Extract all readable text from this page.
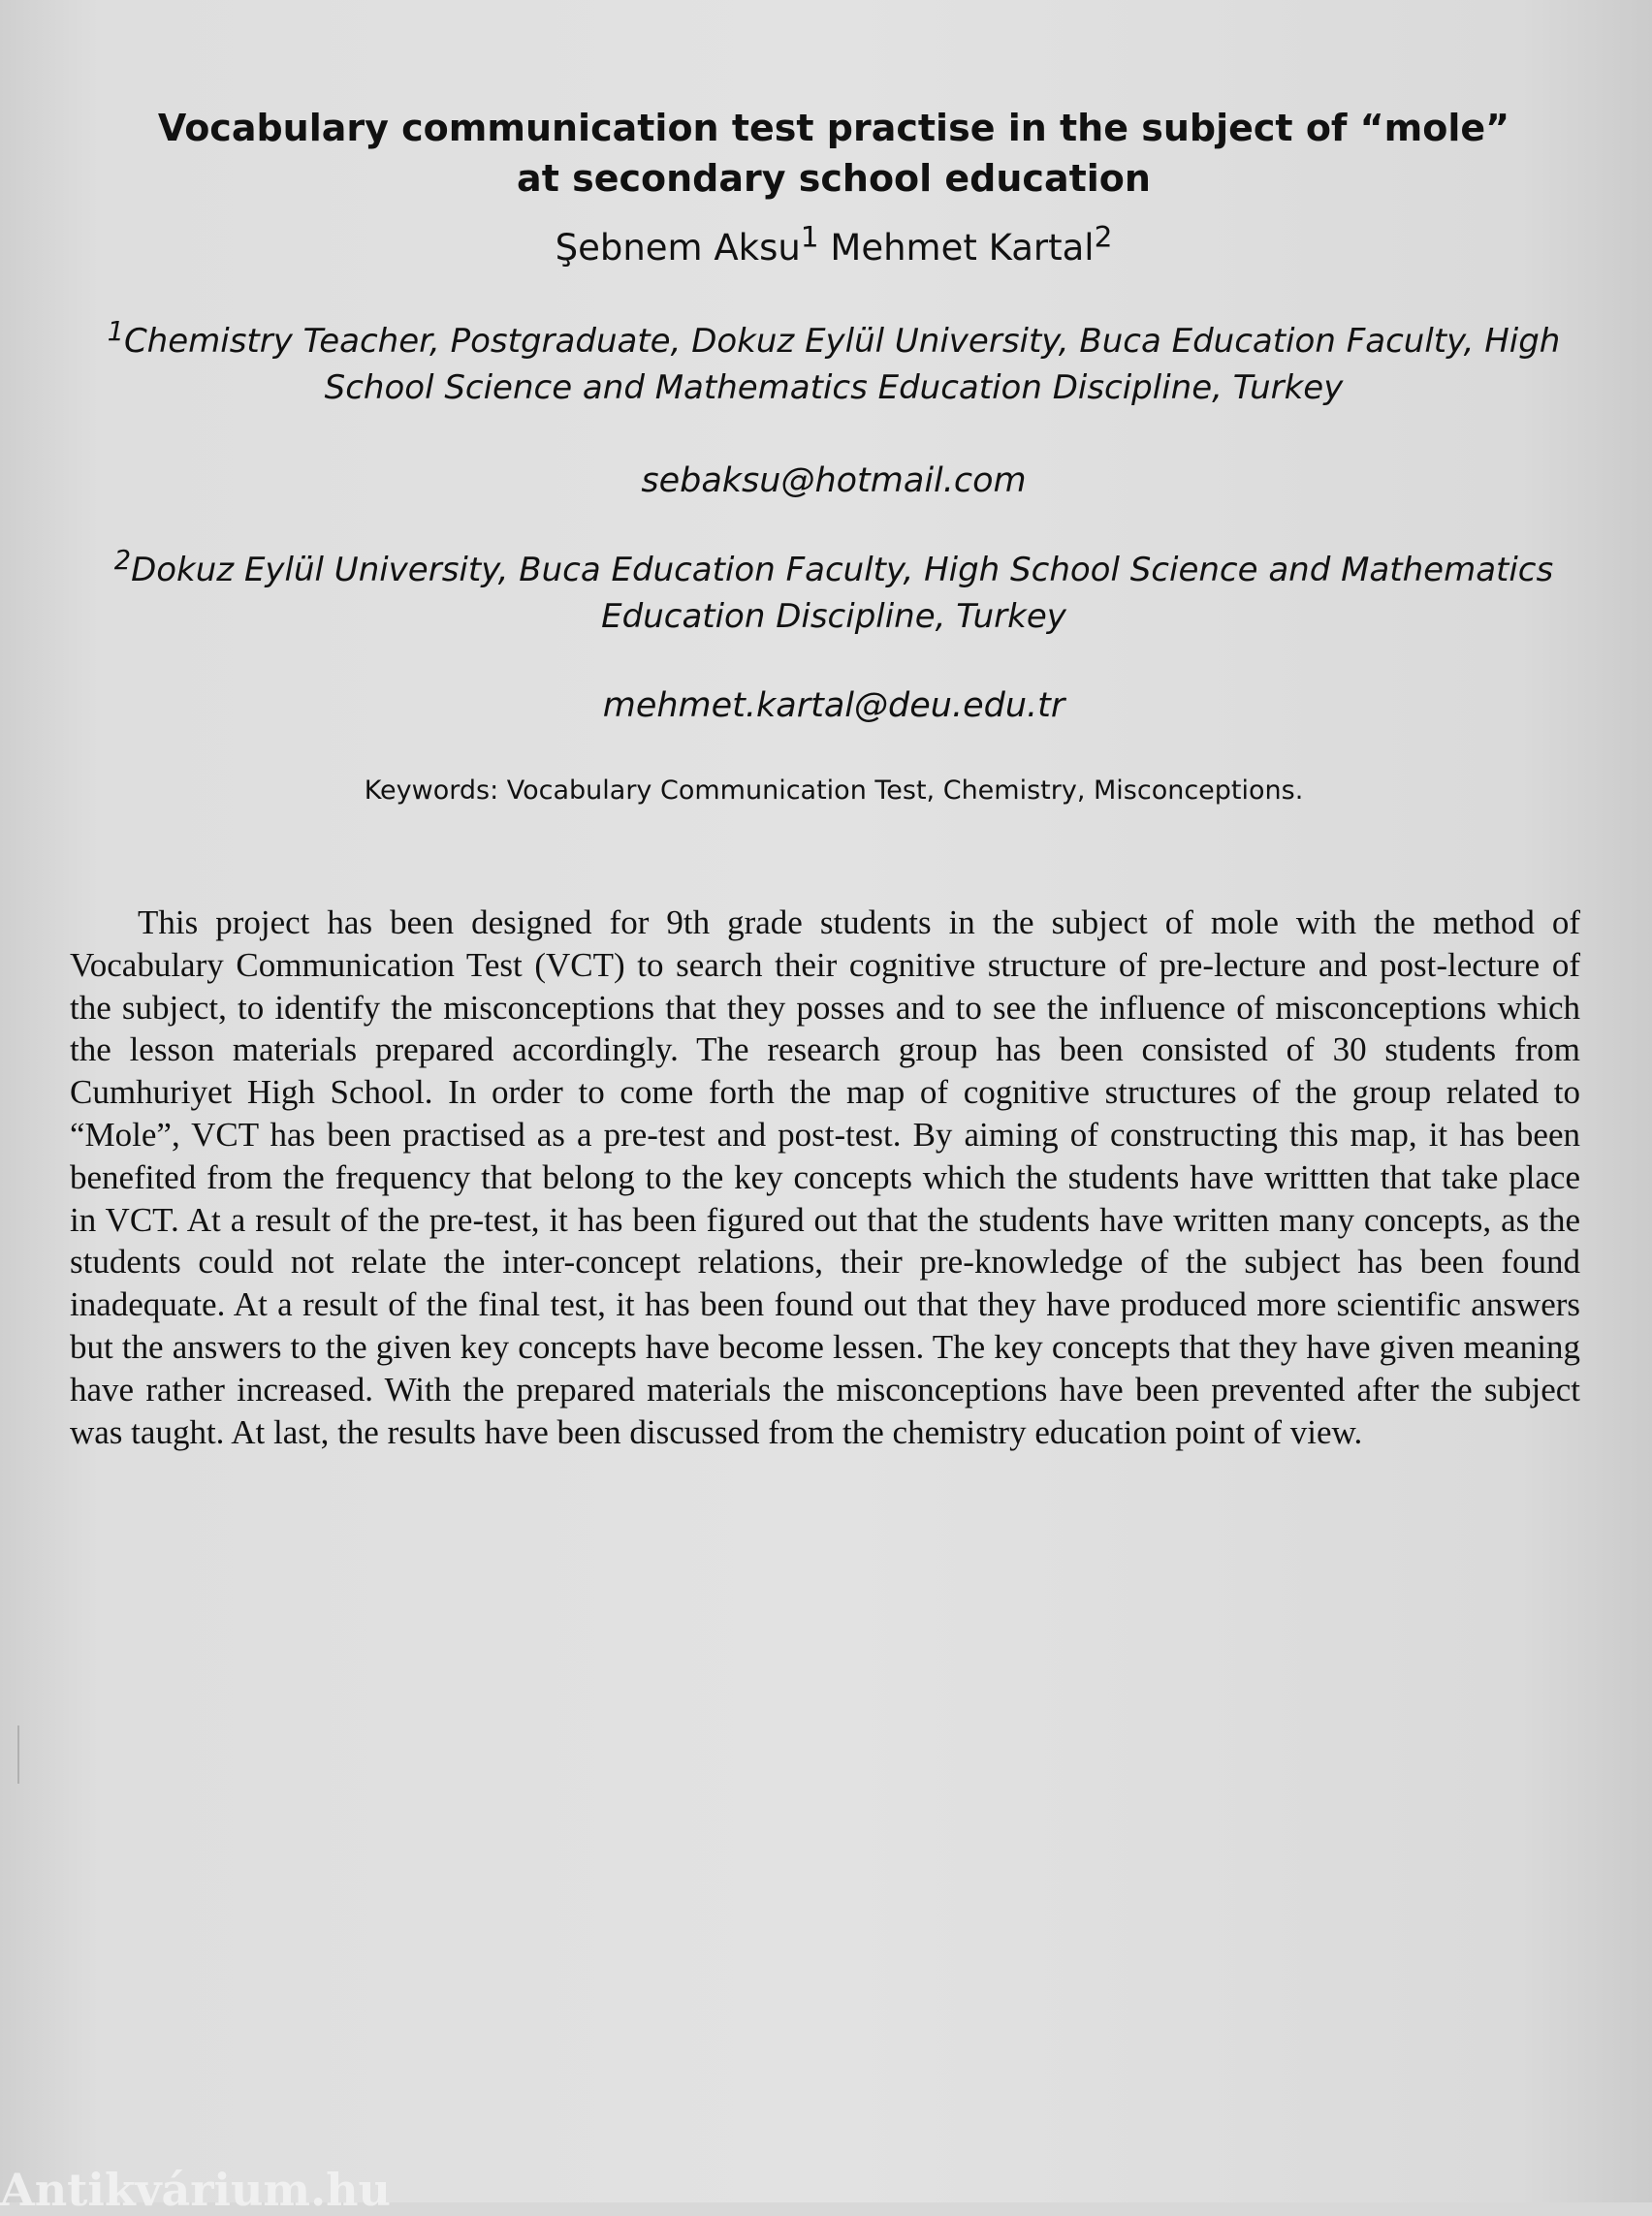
Vocabulary communication test practise in the subject of “mole” at secondary school education
Şebnem Aksu$^1$ Mehmet Kartal$^2$
$^1$Chemistry Teacher, Postgraduate, Dokuz Eylül University, Buca Education Faculty, High School Science and Mathematics Education Discipline, Turkey
sebaksu@hotmail.com
$^2$Dokuz Eylül University, Buca Education Faculty, High School Science and Mathematics Education Discipline, Turkey
mehmet.kartal@deu.edu.tr
Keywords: Vocabulary Communication Test, Chemistry, Misconceptions.

This project has been designed for 9th grade students in the subject of mole with the method of Vocabulary Communication Test (VCT) to search their cognitive structure of pre-lecture and post-lecture of the subject, to identify the misconceptions that they posses and to see the influence of misconceptions which the lesson materials prepared accordingly. The research group has been consisted of 30 students from Cumhuriyet High School. In order to come forth the map of cognitive structures of the group related to “Mole”, VCT has been practised as a pre-test and post-test. By aiming of constructing this map, it has been benefited from the frequency that belong to the key concepts which the students have writtten that take place in VCT. At a result of the pre-test, it has been figured out that the students have written many concepts, as the students could not relate the inter-concept relations, their pre-knowledge of the subject has been found inadequate. At a result of the final test, it has been found out that they have produced more scientific answers but the answers to the given key concepts have become lessen. The key concepts that they have given meaning have rather increased. With the prepared materials the misconceptions have been prevented after the subject was taught. At last, the results have been discussed from the chemistry education point of view.

Antikvárium.hu
